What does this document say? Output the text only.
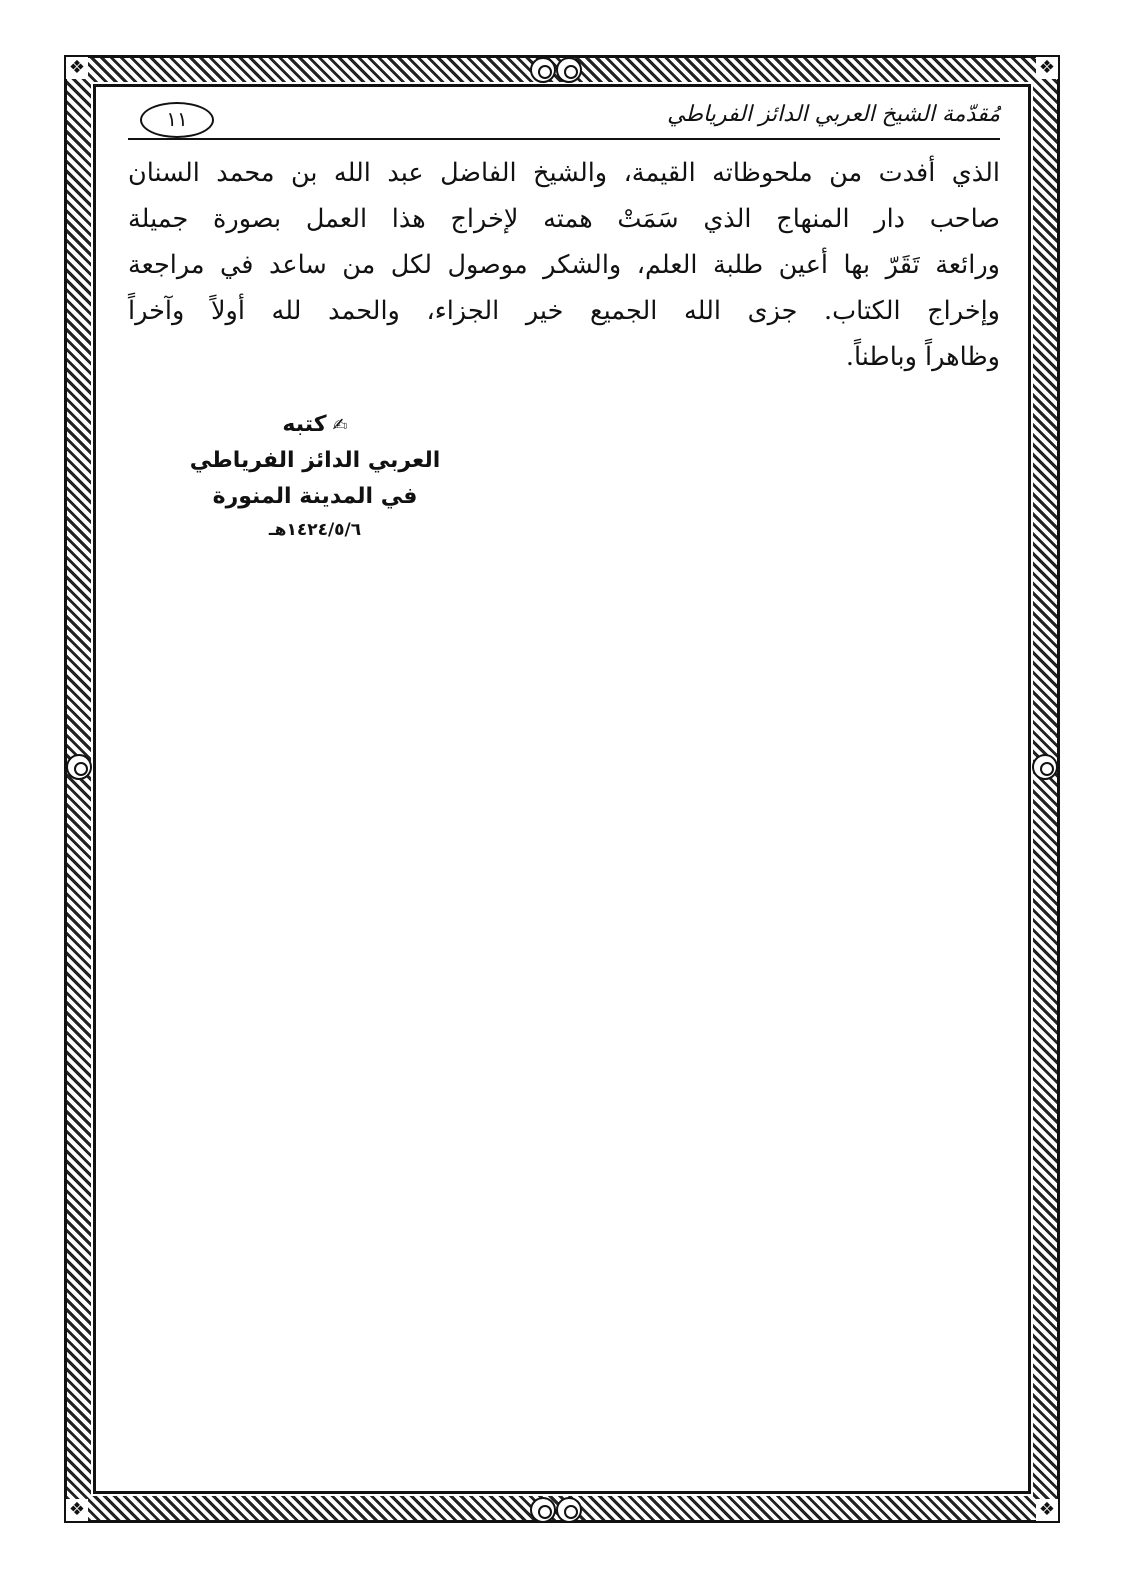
❖	❖
❖	❖
مُقدّمة الشيخ العربي الدائز الفرياطي
١١
الذي أفدت من ملحوظاته القيمة، والشيخ الفاضل عبد الله بن محمد السنان
صاحب دار المنهاج الذي سَمَتْ همته لإخراج هذا العمل بصورة جميلة
ورائعة تَقَرّ بها أعين طلبة العلم، والشكر موصول لكل من ساعد في مراجعة
وإخراج الكتاب. جزى الله الجميع خير الجزاء، والحمد لله أولاً وآخراً
وظاهراً وباطناً.
✍كتبه
العربي الدائز الفرياطي
في المدينة المنورة
١٤٢٤/٥/٦هـ
